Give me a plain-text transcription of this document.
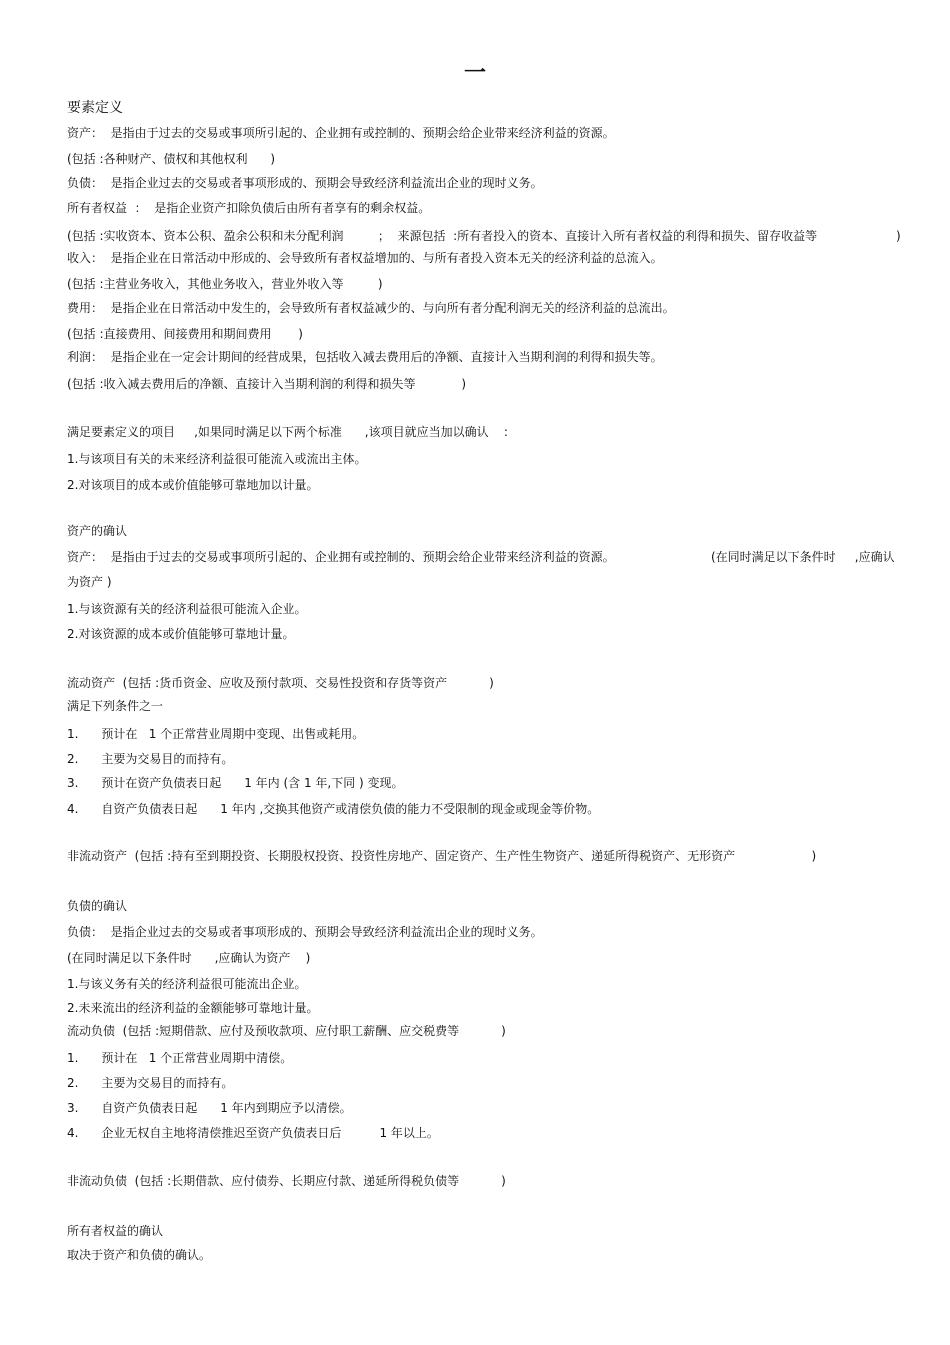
一
要素定义
资产：  是指由于过去的交易或事项所引起的、企业拥有或控制的、预期会给企业带来经济利益的资源。
(包括 :各种财产、债权和其他权利      )
负债：  是指企业过去的交易或者事项形成的、预期会导致经济利益流出企业的现时义务。
所有者权益  ：  是指企业资产扣除负债后由所有者享有的剩余权益。
(包括 :实收资本、资本公积、盈余公积和未分配利润         ；  来源包括  :所有者投入的资本、直接计入所有者权益的利得和损失、留存收益等	)
收入：  是指企业在日常活动中形成的、会导致所有者权益增加的、与所有者投入资本无关的经济利益的总流入。
(包括 :主营业务收入，其他业务收入，营业外收入等         )
费用：  是指企业在日常活动中发生的，会导致所有者权益减少的、与向所有者分配利润无关的经济利益的总流出。
(包括 :直接费用、间接费用和期间费用       )
利润：  是指企业在一定会计期间的经营成果，包括收入减去费用后的净额、直接计入当期利润的利得和损失等。
(包括 :收入减去费用后的净额、直接计入当期利润的利得和损失等            )
满足要素定义的项目     ,如果同时满足以下两个标准      ,该项目就应当加以确认    :
1.与该项目有关的未来经济利益很可能流入或流出主体。
2.对该项目的成本或价值能够可靠地加以计量。
资产的确认
资产：  是指由于过去的交易或事项所引起的、企业拥有或控制的、预期会给企业带来经济利益的资源。	(在同时满足以下条件时     ,应确认
为资产 )
1.与该资源有关的经济利益很可能流入企业。
2.对该资源的成本或价值能够可靠地计量。
流动资产  (包括 :货币资金、应收及预付款项、交易性投资和存货等资产           )
满足下列条件之一
1.      预计在   1 个正常营业周期中变现、出售或耗用。
2.      主要为交易目的而持有。
3.      预计在资产负债表日起      1 年内 (含 1 年,下同 ) 变现。
4.      自资产负债表日起      1 年内 ,交换其他资产或清偿负债的能力不受限制的现金或现金等价物。
非流动资产  (包括 :持有至到期投资、长期股权投资、投资性房地产、固定资产、生产性生物资产、递延所得税资产、无形资产                    )
负债的确认
负债：  是指企业过去的交易或者事项形成的、预期会导致经济利益流出企业的现时义务。
(在同时满足以下条件时      ,应确认为资产    )
1.与该义务有关的经济利益很可能流出企业。
2.未来流出的经济利益的金额能够可靠地计量。
流动负债  (包括 :短期借款、应付及预收款项、应付职工薪酬、应交税费等           )
1.      预计在   1 个正常营业周期中清偿。
2.      主要为交易目的而持有。
3.      自资产负债表日起      1 年内到期应予以清偿。
4.      企业无权自主地将清偿推迟至资产负债表日后          1 年以上。
非流动负债  (包括 :长期借款、应付债券、长期应付款、递延所得税负债等           )
所有者权益的确认
取决于资产和负债的确认。
